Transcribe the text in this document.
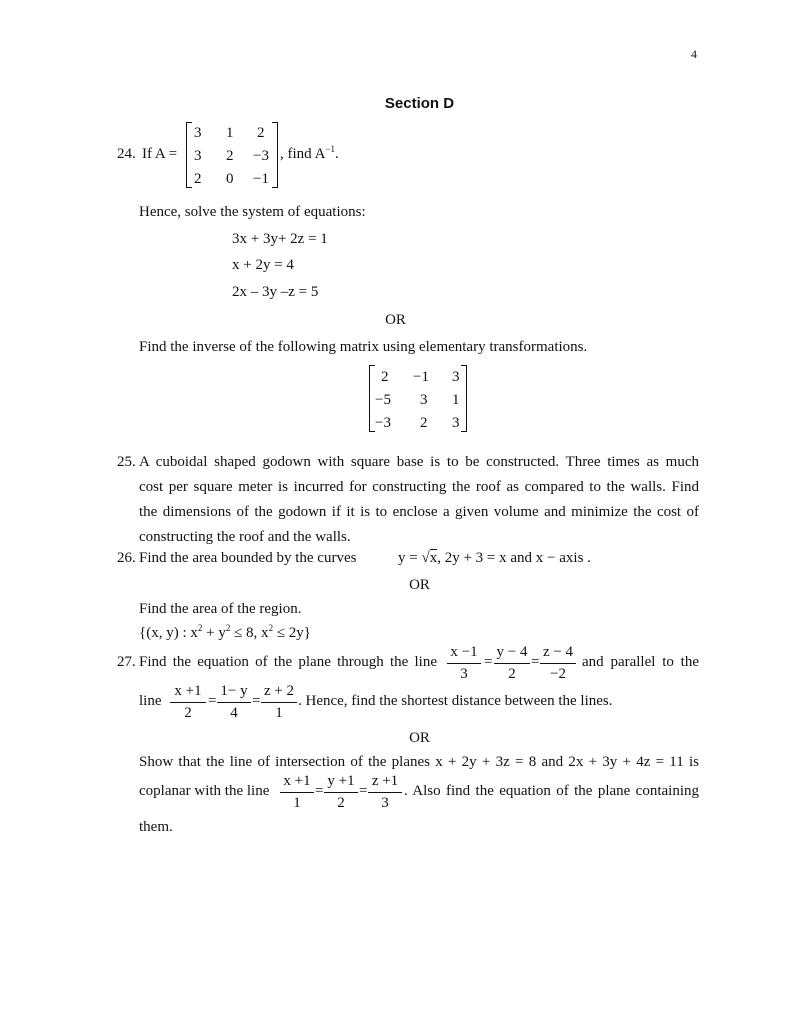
4
Section D
24. If A =
3 1 2
3 2 −3
2 0 −1
, find $A^{-1}$.
Hence, solve the system of equations:
3x + 3y+ 2z = 1
x + 2y = 4
2x – 3y –z = 5
OR
Find the inverse of the following matrix using elementary transformations.
2 −1 3
−5 3 1
−3 2 3
25. A cuboidal shaped godown with square base is to be constructed. Three times as much
cost per square meter is incurred for constructing the roof as compared to the walls. Find
the dimensions of the godown if it is to enclose a given volume and minimize the cost of
constructing the roof and the walls.
26. Find the area bounded by the curves	y = √x, 2y + 3 = x and x − axis .
OR
Find the area of the region.
{(x, y) : $x^2 + y^2 \le 8$, $x^2 \le 2y$}
27. Find the equation of the plane through the line
x −1
3
=
y − 4
2
=
z − 4
−2
and parallel to the
line
x +1
2
=
1− y
4
=
z + 2
1
. Hence, find the shortest distance between the lines.
OR
Show that the line of intersection of the planes x + 2y + 3z = 8 and 2x + 3y + 4z = 11 is
coplanar with the line
x +1
1
=
y +1
2
=
z +1
3
. Also find the equation of the plane containing
them.
